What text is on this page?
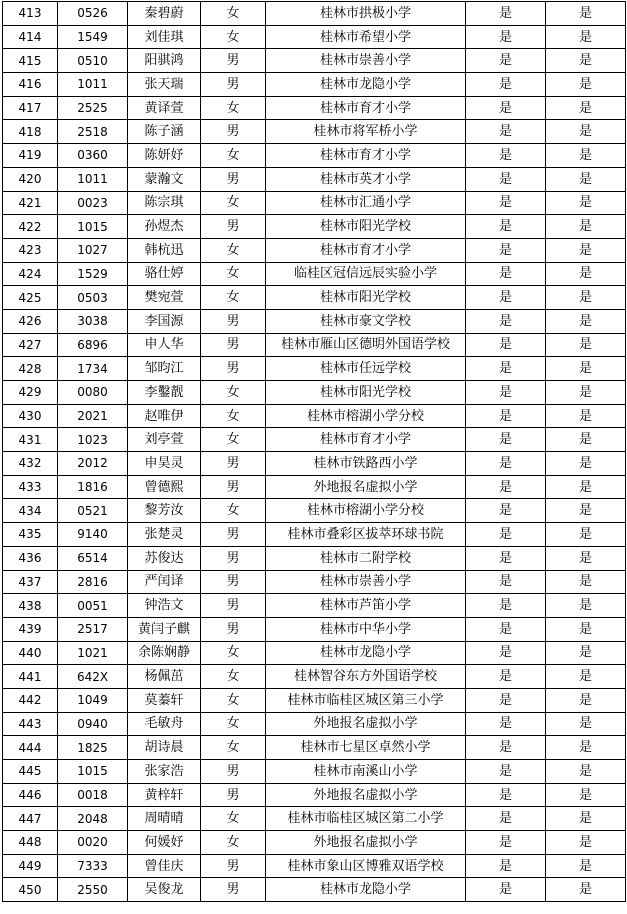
413	0526	秦碧蔚	女	桂林市拱极小学	是	是
414	1549	刘佳琪	女	桂林市希望小学	是	是
415	0510	阳骐鸿	男	桂林市崇善小学	是	是
416	1011	张天瑞	男	桂林市龙隐小学	是	是
417	2525	黄译萱	女	桂林市育才小学	是	是
418	2518	陈子涵	男	桂林市将军桥小学	是	是
419	0360	陈妍妤	女	桂林市育才小学	是	是
420	1011	蒙瀚文	男	桂林市英才小学	是	是
421	0023	陈宗琪	女	桂林市汇通小学	是	是
422	1015	孙煜杰	男	桂林市阳光学校	是	是
423	1027	韩杭迅	女	桂林市育才小学	是	是
424	1529	骆仕婷	女	临桂区冠信远辰实验小学	是	是
425	0503	樊宛萱	女	桂林市阳光学校	是	是
426	3038	李国源	男	桂林市豪文学校	是	是
427	6896	申人华	男	桂林市雁山区德明外国语学校	是	是
428	1734	邹昀江	男	桂林市任远学校	是	是
429	0080	李鑿靓	女	桂林市阳光学校	是	是
430	2021	赵唯伊	女	桂林市榕湖小学分校	是	是
431	1023	刘亭萱	女	桂林市育才小学	是	是
432	2012	申昊灵	男	桂林市铁路西小学	是	是
433	1816	曾德熙	男	外地报名虚拟小学	是	是
434	0521	黎芳汝	女	桂林市榕湖小学分校	是	是
435	9140	张楚灵	男	桂林市叠彩区拔萃环球书院	是	是
436	6514	苏俊达	男	桂林市二附学校	是	是
437	2816	严闰译	男	桂林市崇善小学	是	是
438	0051	钟浩文	男	桂林市芦笛小学	是	是
439	2517	黄闫子麒	男	桂林市中华小学	是	是
440	1021	余陈娴静	女	桂林市龙隐小学	是	是
441	642X	杨佩茁	女	桂林智谷东方外国语学校	是	是
442	1049	莫蓁轩	女	桂林市临桂区城区第三小学	是	是
443	0940	毛敏舟	女	外地报名虚拟小学	是	是
444	1825	胡诗晨	女	桂林市七星区卓然小学	是	是
445	1015	张家浩	男	桂林市南溪山小学	是	是
446	0018	黄梓轩	男	外地报名虚拟小学	是	是
447	2048	周晴晴	女	桂林市临桂区城区第二小学	是	是
448	0020	何媛妤	女	外地报名虚拟小学	是	是
449	7333	曾佳庆	男	桂林市象山区博雅双语学校	是	是
450	2550	吴俊龙	男	桂林市龙隐小学	是	是
